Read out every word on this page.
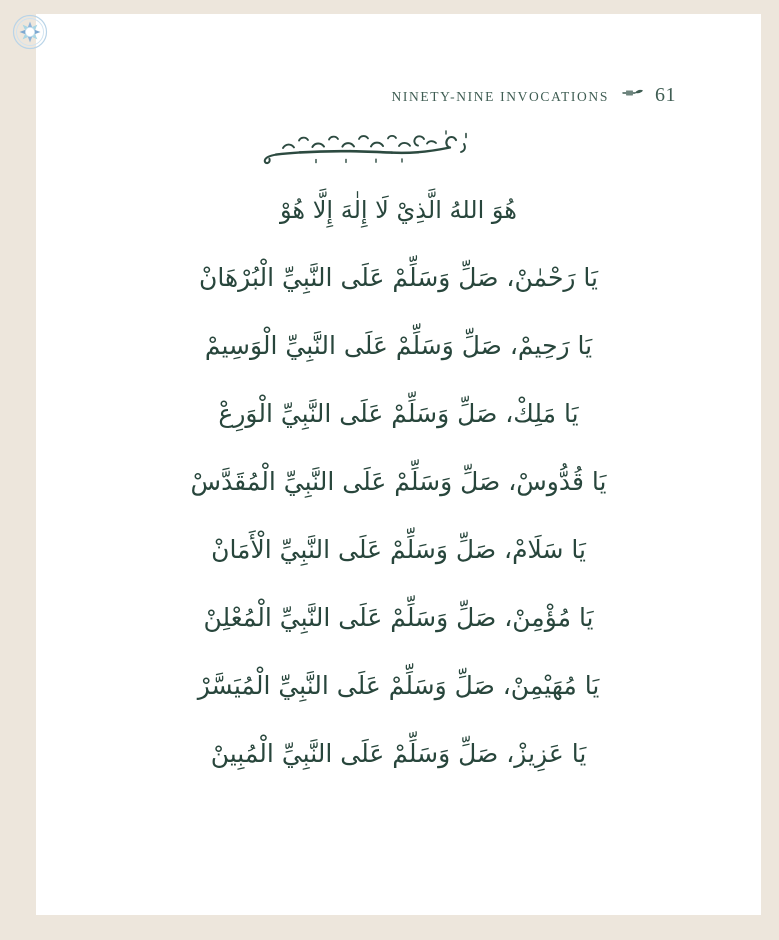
NINETY-NINE INVOCATIONS 61

هُوَ اللهُ الَّذِيْ لَا إِلٰهَ إِلَّا هُوْ

يَا رَحْمٰنْ، صَلِّ وَسَلِّمْ عَلَى النَّبِيِّ الْبُرْهَانْ

يَا رَحِيمْ، صَلِّ وَسَلِّمْ عَلَى النَّبِيِّ الْوَسِيمْ

يَا مَلِكْ، صَلِّ وَسَلِّمْ عَلَى النَّبِيِّ الْوَرِعْ

يَا قُدُّوسْ، صَلِّ وَسَلِّمْ عَلَى النَّبِيِّ الْمُقَدَّسْ

يَا سَلَامْ، صَلِّ وَسَلِّمْ عَلَى النَّبِيِّ الْأَمَانْ

يَا مُؤْمِنْ، صَلِّ وَسَلِّمْ عَلَى النَّبِيِّ الْمُعْلِنْ

يَا مُهَيْمِنْ، صَلِّ وَسَلِّمْ عَلَى النَّبِيِّ الْمُيَسَّرْ

يَا عَزِيزْ، صَلِّ وَسَلِّمْ عَلَى النَّبِيِّ الْمُبِينْ
